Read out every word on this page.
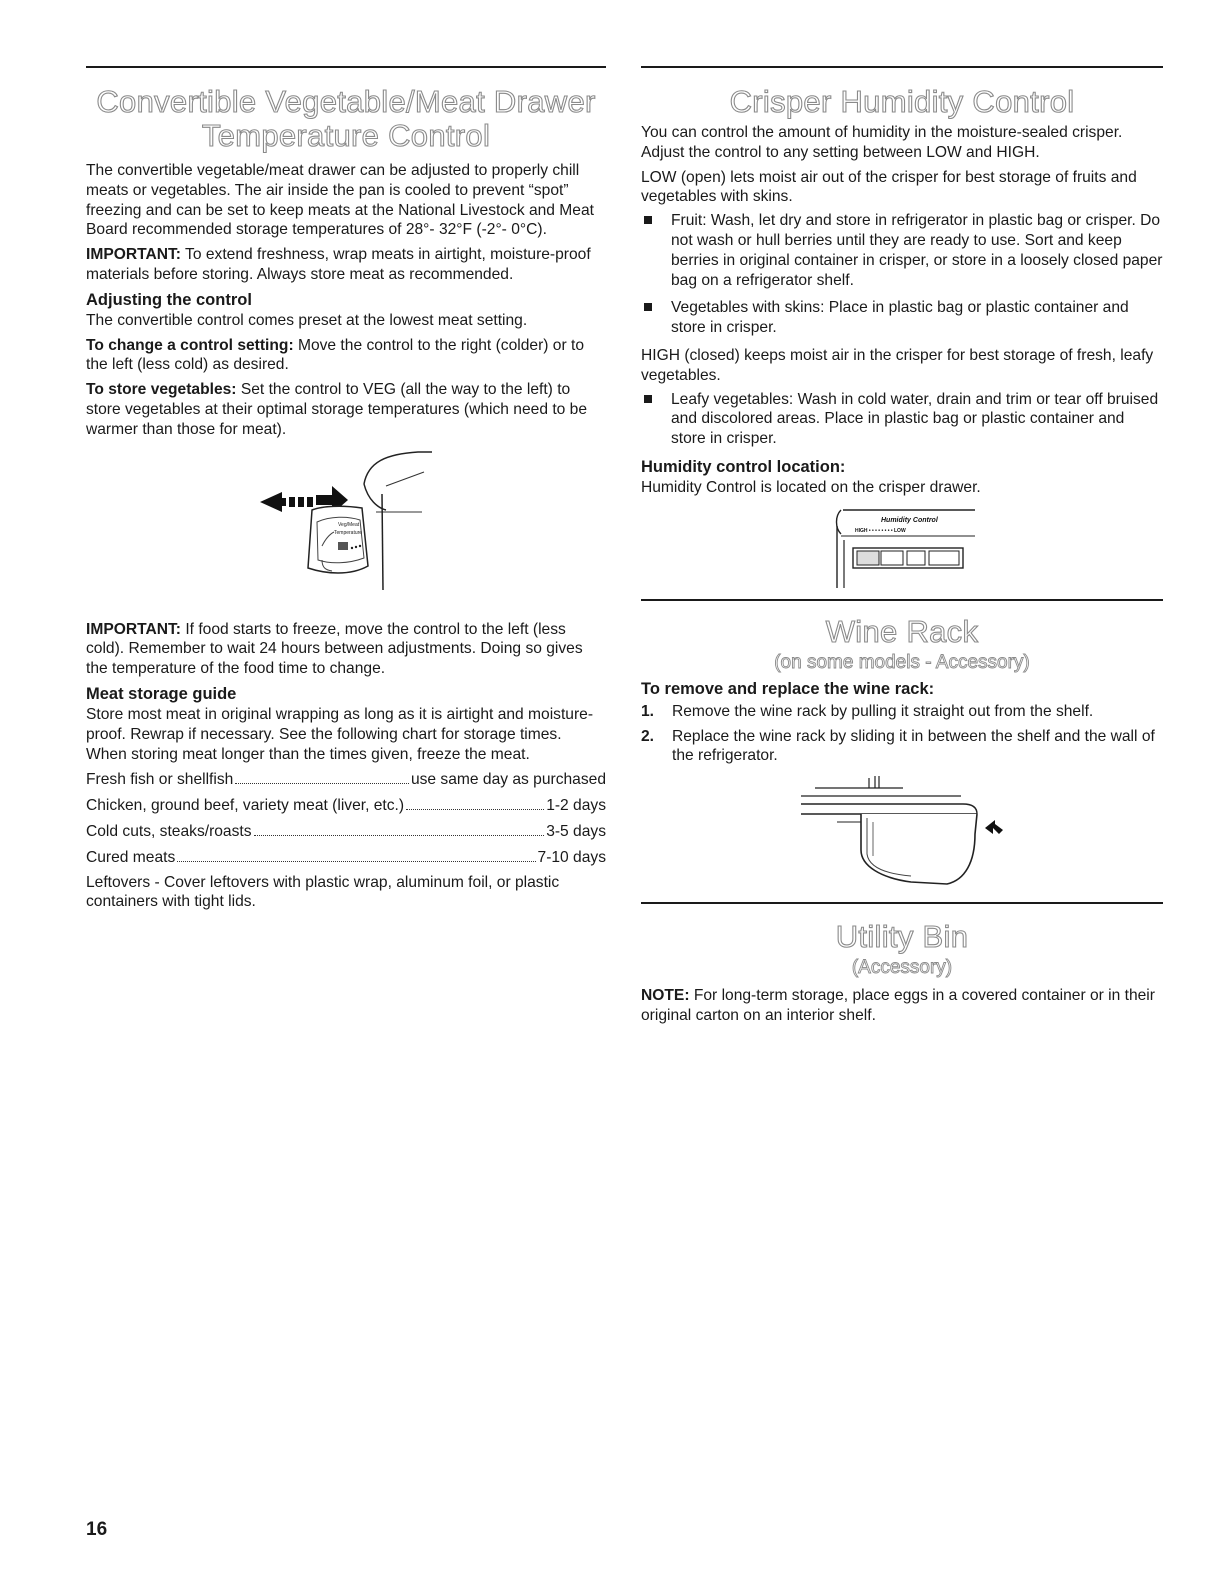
Convertible Vegetable/Meat Drawer
Temperature Control

The convertible vegetable/meat drawer can be adjusted to properly chill meats or vegetables. The air inside the pan is cooled to prevent “spot” freezing and can be set to keep meats at the National Livestock and Meat Board recommended storage temperatures of 28°- 32°F (-2°- 0°C).

IMPORTANT: To extend freshness, wrap meats in airtight, moisture-proof materials before storing. Always store meat as recommended.

Adjusting the control

The convertible control comes preset at the lowest meat setting.

To change a control setting: Move the control to the right (colder) or to the left (less cold) as desired.

To store vegetables: Set the control to VEG (all the way to the left) to store vegetables at their optimal storage temperatures (which need to be warmer than those for meat).

Veg/Meat
Temperature

IMPORTANT: If food starts to freeze, move the control to the left (less cold). Remember to wait 24 hours between adjustments. Doing so gives the temperature of the food time to change.

Meat storage guide

Store most meat in original wrapping as long as it is airtight and moisture-proof. Rewrap if necessary. See the following chart for storage times. When storing meat longer than the times given, freeze the meat.

Fresh fish or shellfish	use same day as purchased
Chicken, ground beef, variety meat (liver, etc.)	1-2 days
Cold cuts, steaks/roasts	3-5 days
Cured meats	7-10 days

Leftovers - Cover leftovers with plastic wrap, aluminum foil, or plastic containers with tight lids.

Crisper Humidity Control

You can control the amount of humidity in the moisture-sealed crisper. Adjust the control to any setting between LOW and HIGH.

LOW (open) lets moist air out of the crisper for best storage of fruits and vegetables with skins.

Fruit: Wash, let dry and store in refrigerator in plastic bag or crisper. Do not wash or hull berries until they are ready to use. Sort and keep berries in original container in crisper, or store in a loosely closed paper bag on a refrigerator shelf.
Vegetables with skins: Place in plastic bag or plastic container and store in crisper.

HIGH (closed) keeps moist air in the crisper for best storage of fresh, leafy vegetables.

Leafy vegetables: Wash in cold water, drain and trim or tear off bruised and discolored areas. Place in plastic bag or plastic container and store in crisper.
Humidity control location:

Humidity Control is located on the crisper drawer.

Humidity Control
HIGH • • • • • • • • LOW
Wine Rack
(on some models - Accessory)
To remove and replace the wine rack:
1. Remove the wine rack by pulling it straight out from the shelf.
2. Replace the wine rack by sliding it in between the shelf and the wall of the refrigerator.
Utility Bin
(Accessory)

NOTE: For long-term storage, place eggs in a covered container or in their original carton on an interior shelf.

16
